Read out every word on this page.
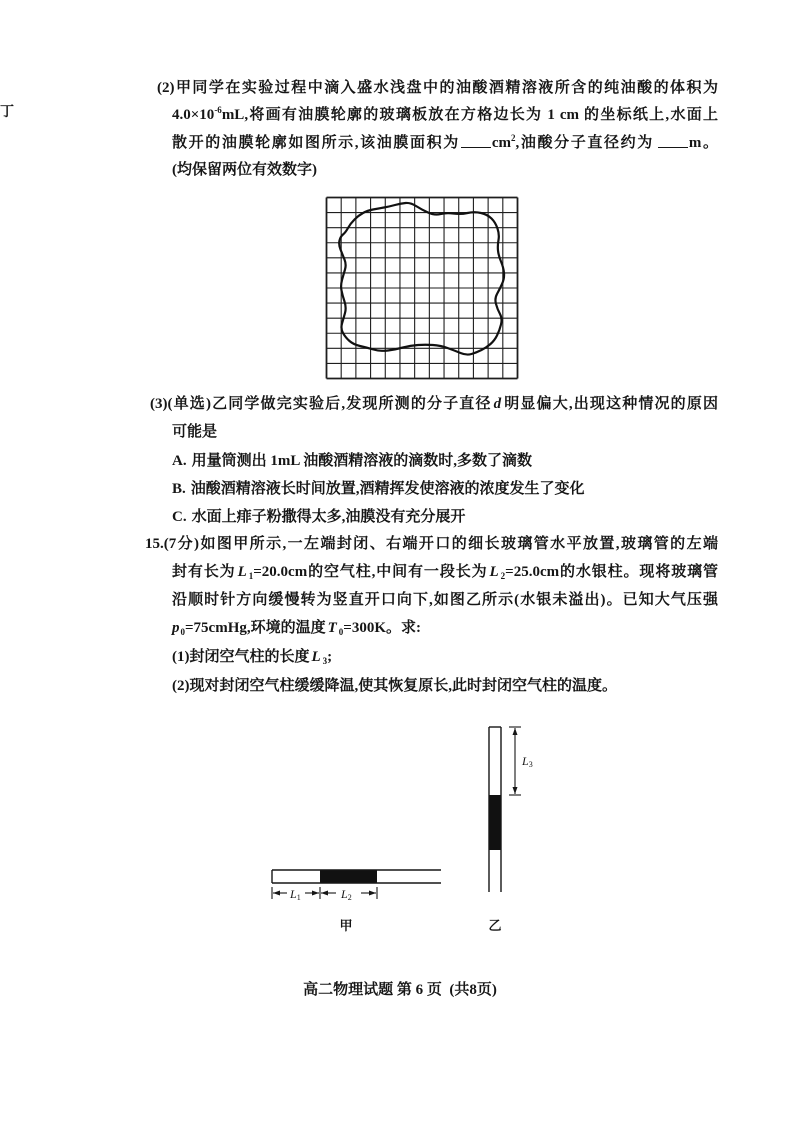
丁
(2)甲同学在实验过程中滴入盛水浅盘中的油酸酒精溶液所含的纯油酸的体积为
$4.0\times 10^{-6}mL$,将画有油膜轮廓的玻璃板放在方格边长为 1 cm 的坐标纸上,水面上
散开的油膜轮廓如图所示,该油膜面积为 $cm^2$,油酸分子直径约为 m。
(均保留两位有效数字)
(3)(单选)乙同学做完实验后,发现所测的分子直径 d 明显偏大,出现这种情况的原因
可能是
A. 用量筒测出 1mL 油酸酒精溶液的滴数时,多数了滴数
B. 油酸酒精溶液长时间放置,酒精挥发使溶液的浓度发生了变化
C. 水面上痱子粉撒得太多,油膜没有充分展开
15.(7分)如图甲所示,一左端封闭、右端开口的细长玻璃管水平放置,玻璃管的左端
封有长为 L $_1$=20.0cm的空气柱,中间有一段长为 L $_2$=25.0cm的水银柱。现将玻璃管
沿顺时针方向缓慢转为竖直开口向下,如图乙所示(水银未溢出)。已知大气压强
$p_0=75cmHg$,环境的温度 T $_0$=300K。求:
(1)封闭空气柱的长度 L $_3$;
(2)现对封闭空气柱缓缓降温,使其恢复原长,此时封闭空气柱的温度。
L1	L2
甲
L3
乙
高二物理试题 第 6 页  (共8页)
